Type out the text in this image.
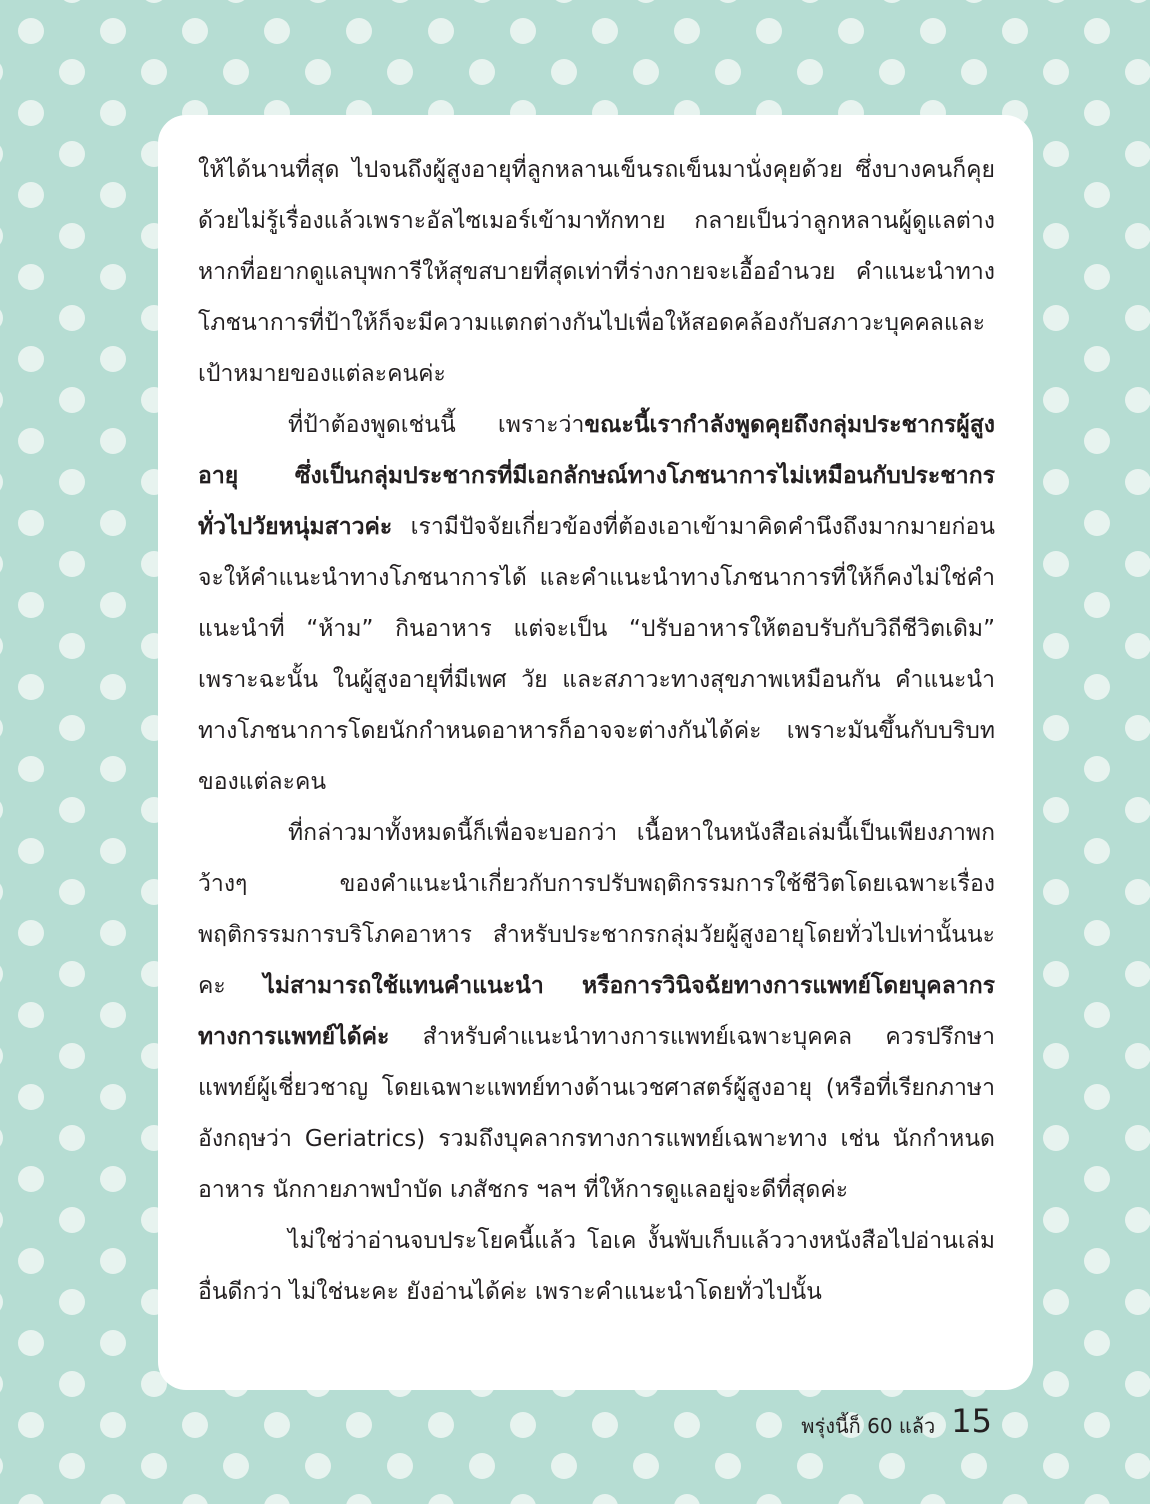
ให้ได้นานที่สุด ไปจนถึงผู้สูงอายุที่ลูกหลานเข็นรถเข็นมานั่งคุยด้วย ซึ่งบางคนก็คุยด้วยไม่รู้เรื่องแล้วเพราะอัลไซเมอร์เข้ามาทักทาย กลายเป็นว่าลูกหลานผู้ดูแลต่างหากที่อยากดูแลบุพการีให้สุขสบายที่สุดเท่าที่ร่างกายจะเอื้ออำนวย คำแนะนำทางโภชนาการที่ป้าให้ก็จะมีความแตกต่างกันไปเพื่อให้สอดคล้องกับสภาวะบุคคลและเป้าหมายของแต่ละคนค่ะ

ที่ป้าต้องพูดเช่นนี้ เพราะว่าขณะนี้เรากำลังพูดคุยถึงกลุ่มประชากรผู้สูงอายุ ซึ่งเป็นกลุ่มประชากรที่มีเอกลักษณ์ทางโภชนาการไม่เหมือนกับประชากรทั่วไปวัยหนุ่มสาวค่ะ เรามีปัจจัยเกี่ยวข้องที่ต้องเอาเข้ามาคิดคำนึงถึงมากมายก่อนจะให้คำแนะนำทางโภชนาการได้ และคำแนะนำทางโภชนาการที่ให้ก็คงไม่ใช่คำแนะนำที่ “ห้าม” กินอาหาร แต่จะเป็น “ปรับอาหารให้ตอบรับกับวิถีชีวิตเดิม” เพราะฉะนั้น ในผู้สูงอายุที่มีเพศ วัย และสภาวะทางสุขภาพเหมือนกัน คำแนะนำทางโภชนาการโดยนักกำหนดอาหารก็อาจจะต่างกันได้ค่ะ เพราะมันขึ้นกับบริบทของแต่ละคน

ที่กล่าวมาทั้งหมดนี้ก็เพื่อจะบอกว่า เนื้อหาในหนังสือเล่มนี้เป็นเพียงภาพกว้างๆ ของคำแนะนำเกี่ยวกับการปรับพฤติกรรมการใช้ชีวิตโดยเฉพาะเรื่องพฤติกรรมการบริโภคอาหาร สำหรับประชากรกลุ่มวัยผู้สูงอายุโดยทั่วไปเท่านั้นนะคะ ไม่สามารถใช้แทนคำแนะนำ หรือการวินิจฉัยทางการแพทย์โดยบุคลากรทางการแพทย์ได้ค่ะ สำหรับคำแนะนำทางการแพทย์เฉพาะบุคคล ควรปรึกษาแพทย์ผู้เชี่ยวชาญ โดยเฉพาะแพทย์ทางด้านเวชศาสตร์ผู้สูงอายุ (หรือที่เรียกภาษาอังกฤษว่า Geriatrics) รวมถึงบุคลากรทางการแพทย์เฉพาะทาง เช่น นักกำหนดอาหาร นักกายภาพบำบัด เภสัชกร ฯลฯ ที่ให้การดูแลอยู่จะดีที่สุดค่ะ

ไม่ใช่ว่าอ่านจบประโยคนี้แล้ว โอเค งั้นพับเก็บแล้ววางหนังสือไปอ่านเล่มอื่นดีกว่า ไม่ใช่นะคะ ยังอ่านได้ค่ะ เพราะคำแนะนำโดยทั่วไปนั้น

พรุ่งนี้ก็ 60 แล้ว 15
